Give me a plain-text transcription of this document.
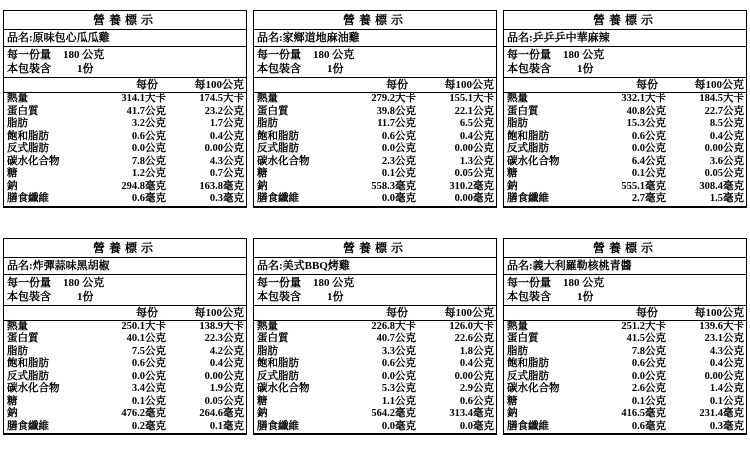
營養標示
品名:原味包心瓜瓜雞
每一份量 180 公克
本包裝含 1份
每份	每100公克
熱量	314.1大卡	174.5大卡
蛋白質	41.7公克	23.2公克
脂肪	3.2公克	1.7公克
飽和脂肪	0.6公克	0.4公克
反式脂肪	0.0公克	0.00公克
碳水化合物	7.8公克	4.3公克
糖	1.2公克	0.7公克
鈉	294.8毫克	163.8毫克
膳食纖維	0.6毫克	0.3毫克
營養標示
品名:家鄉道地麻油雞
每一份量 180 公克
本包裝含 1份
每份	每100公克
熱量	279.2大卡	155.1大卡
蛋白質	39.8公克	22.1公克
脂肪	11.7公克	6.5公克
飽和脂肪	0.6公克	0.4公克
反式脂肪	0.0公克	0.00公克
碳水化合物	2.3公克	1.3公克
糖	0.1公克	0.05公克
鈉	558.3毫克	310.2毫克
膳食纖維	0.0毫克	0.00毫克
營養標示
品名:乒乒乒中華麻辣
每一份量 180 公克
本包裝含 1份
每份	每100公克
熱量	332.1大卡	184.5大卡
蛋白質	40.8公克	22.7公克
脂肪	15.3公克	8.5公克
飽和脂肪	0.6公克	0.4公克
反式脂肪	0.0公克	0.00公克
碳水化合物	6.4公克	3.6公克
糖	0.1公克	0.05公克
鈉	555.1毫克	308.4毫克
膳食纖維	2.7毫克	1.5毫克
營養標示
品名:炸彈蒜味黑胡椒
每一份量 180 公克
本包裝含 1份
每份	每100公克
熱量	250.1大卡	138.9大卡
蛋白質	40.1公克	22.3公克
脂肪	7.5公克	4.2公克
飽和脂肪	0.6公克	0.4公克
反式脂肪	0.0公克	0.00公克
碳水化合物	3.4公克	1.9公克
糖	0.1公克	0.05公克
鈉	476.2毫克	264.6毫克
膳食纖維	0.2毫克	0.1毫克
營養標示
品名:美式BBQ烤雞
每一份量 180 公克
本包裝含 1份
每份	每100公克
熱量	226.8大卡	126.0大卡
蛋白質	40.7公克	22.6公克
脂肪	3.3公克	1.8公克
飽和脂肪	0.6公克	0.4公克
反式脂肪	0.0公克	0.00公克
碳水化合物	5.3公克	2.9公克
糖	1.1公克	0.6公克
鈉	564.2毫克	313.4毫克
膳食纖維	0.0毫克	0.0毫克
營養標示
品名:義大利羅勒核桃青醬
每一份量 180 公克
本包裝含 1份
每份	每100公克
熱量	251.2大卡	139.6大卡
蛋白質	41.5公克	23.1公克
脂肪	7.8公克	4.3公克
飽和脂肪	0.6公克	0.4公克
反式脂肪	0.0公克	0.00公克
碳水化合物	2.6公克	1.4公克
糖	0.1公克	0.1公克
鈉	416.5毫克	231.4毫克
膳食纖維	0.6毫克	0.3毫克
